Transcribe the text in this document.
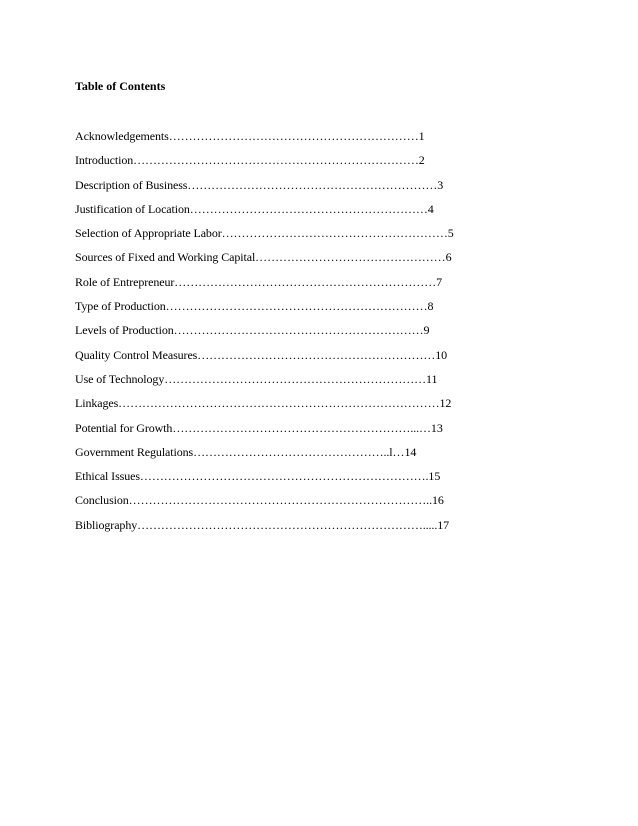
Table of Contents
Acknowledgements………………………………………………………1
Introduction………………………………………………………………2
Description of Business………………………………………………………3
Justification of Location……………………………………………………4
Selection of Appropriate Labor…………………………………………………5
Sources of Fixed and Working Capital…………………………………………6
Role of Entrepreneur…………………………………………………………7
Type of Production…………………………………………………………8
Levels of Production………………………………………………………9
Quality Control Measures……………………………………………………10
Use of Technology…………………………………………………………11
Linkages………………………………………………………………………12
Potential for Growth……………………………………………………...…13
Government Regulations…………………………………………..l…14
Ethical Issues……………………………………………………………….15
Conclusion…………………………………………………………………..16
Bibliography……………………………………………………………….....17
